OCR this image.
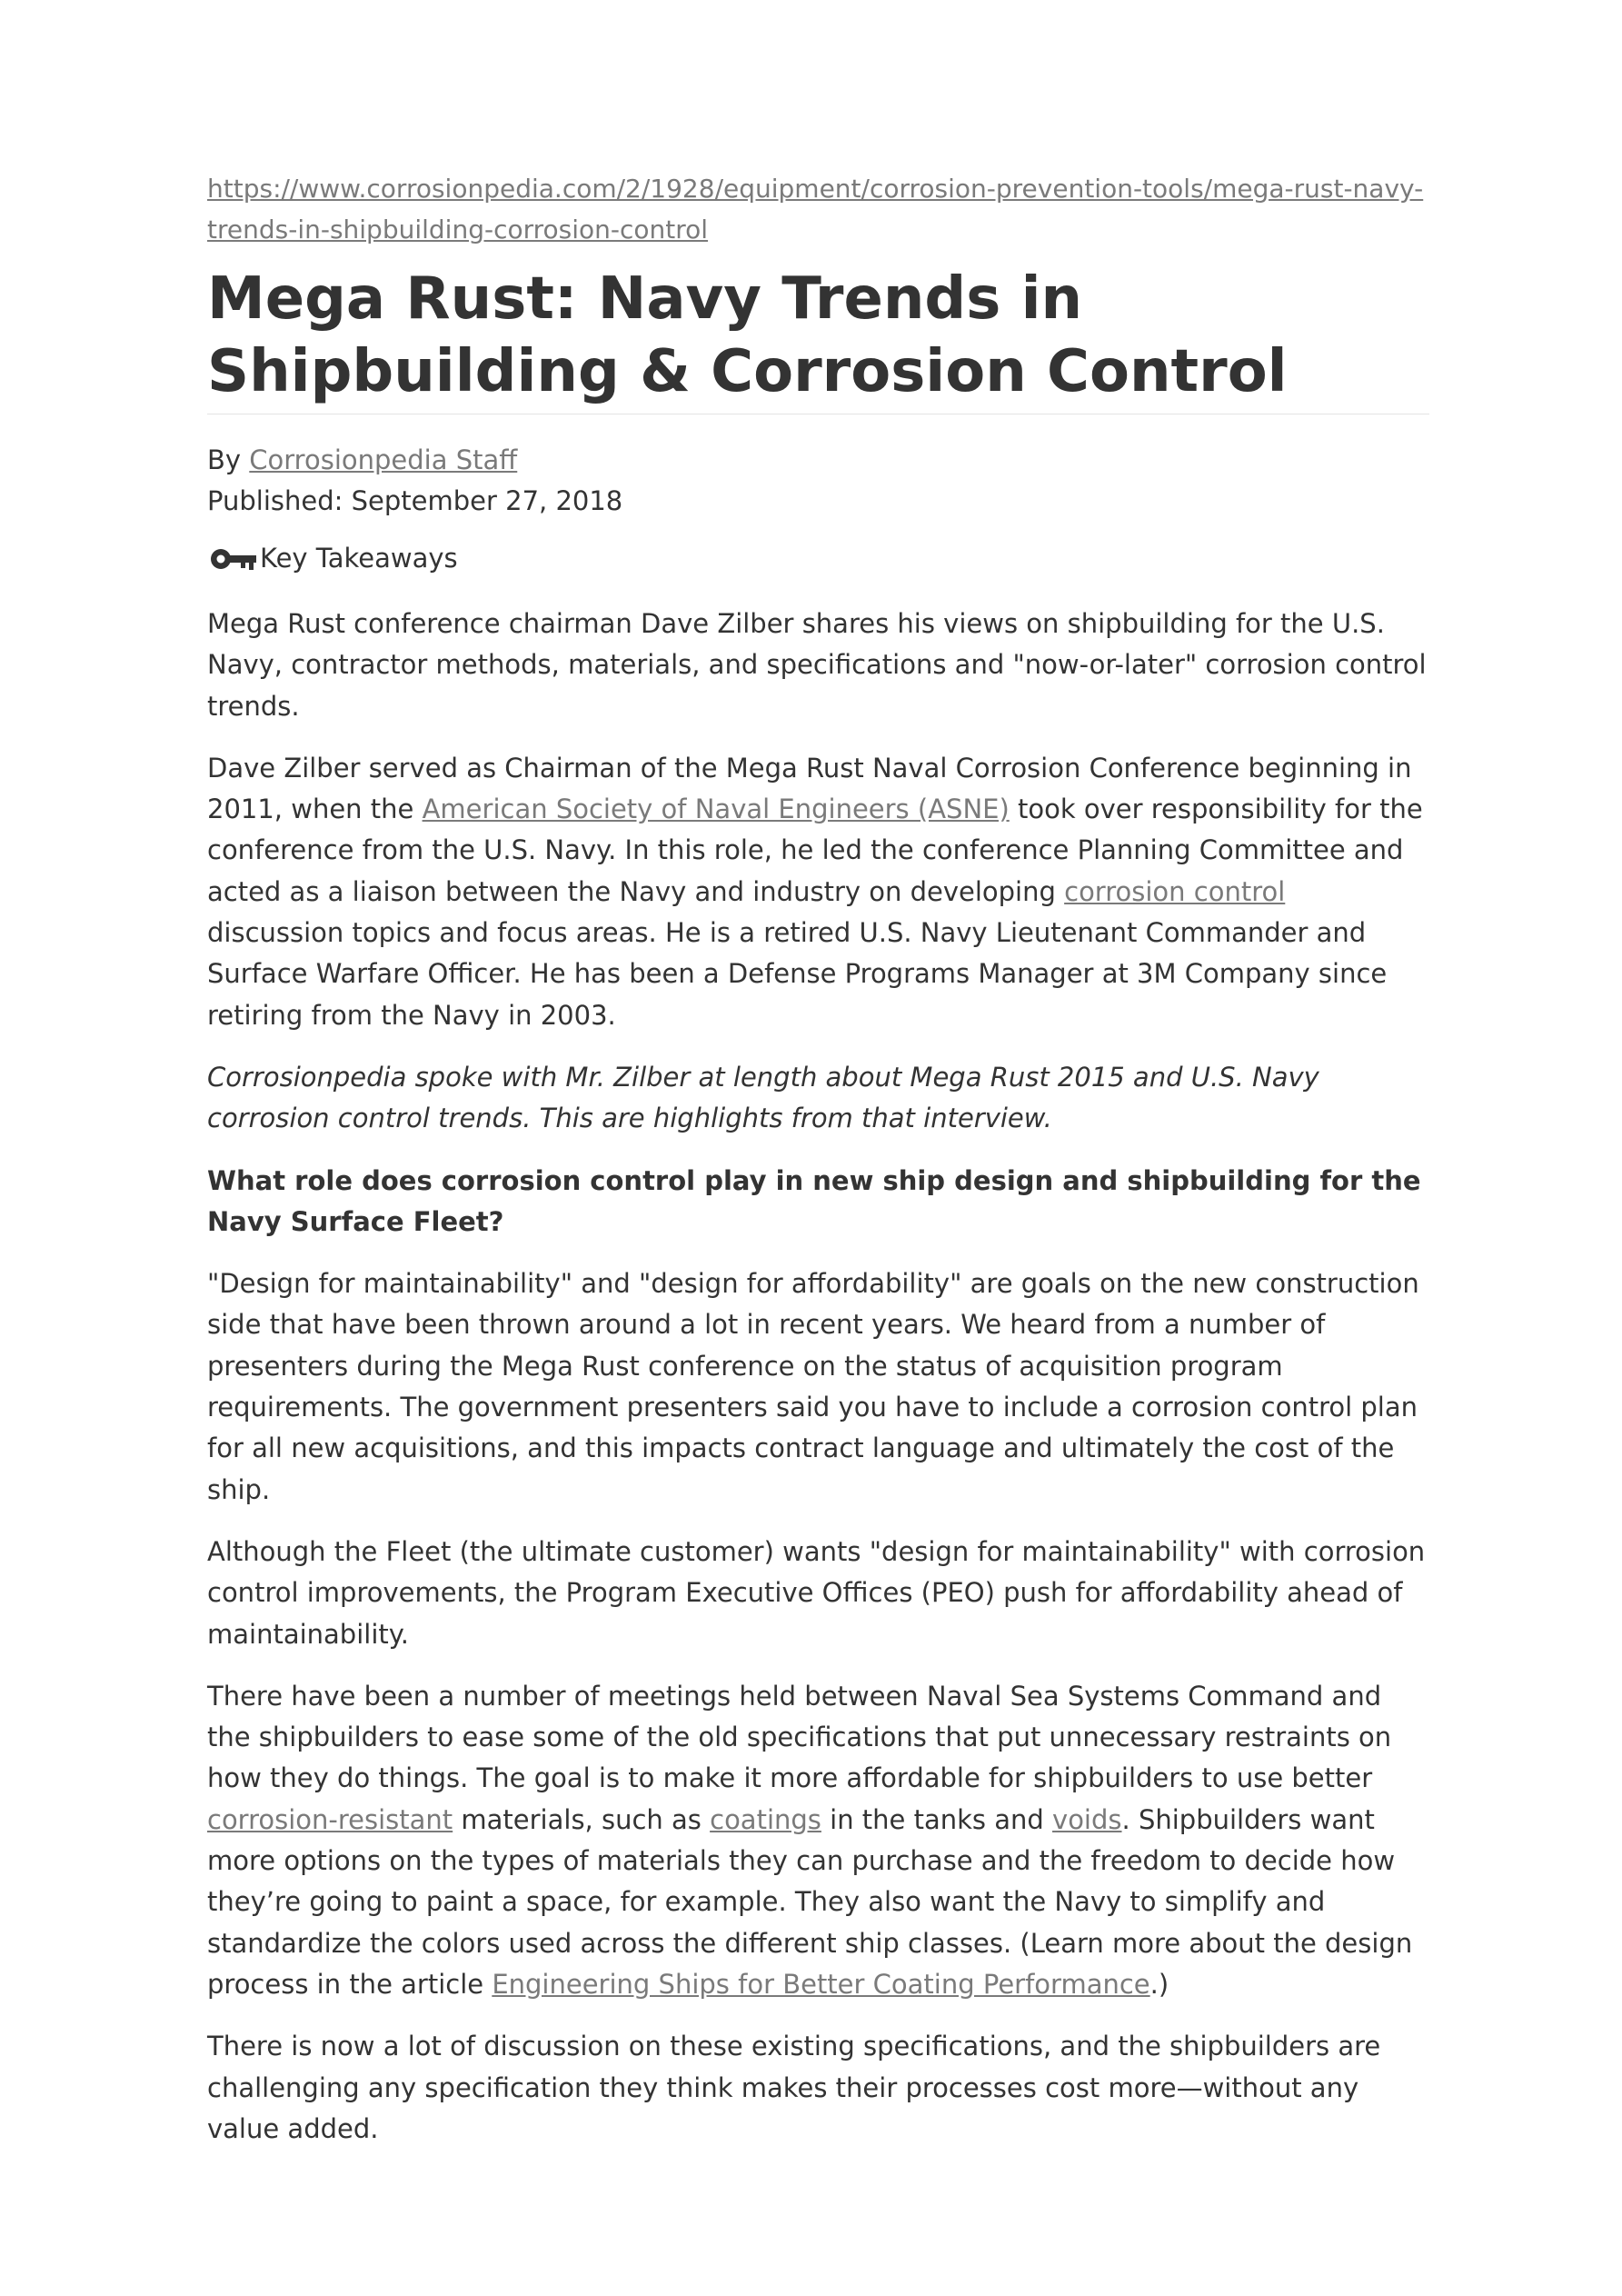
https://www.corrosionpedia.com/2/1928/equipment/corrosion-prevention-tools/mega-rust-navy-trends-in-shipbuilding-corrosion-control

Mega Rust: Navy Trends in Shipbuilding & Corrosion Control
By Corrosionpedia Staff
Published: September 27, 2018
Key Takeaways

Mega Rust conference chairman Dave Zilber shares his views on shipbuilding for the U.S. Navy, contractor methods, materials, and specifications and "now-or-later" corrosion control trends.

Dave Zilber served as Chairman of the Mega Rust Naval Corrosion Conference beginning in 2011, when the American Society of Naval Engineers (ASNE) took over responsibility for the conference from the U.S. Navy. In this role, he led the conference Planning Committee and acted as a liaison between the Navy and industry on developing corrosion control discussion topics and focus areas. He is a retired U.S. Navy Lieutenant Commander and Surface Warfare Officer. He has been a Defense Programs Manager at 3M Company since retiring from the Navy in 2003.

Corrosionpedia spoke with Mr. Zilber at length about Mega Rust 2015 and U.S. Navy corrosion control trends. This are highlights from that interview.

What role does corrosion control play in new ship design and shipbuilding for the Navy Surface Fleet?

"Design for maintainability" and "design for affordability" are goals on the new construction side that have been thrown around a lot in recent years. We heard from a number of presenters during the Mega Rust conference on the status of acquisition program requirements. The government presenters said you have to include a corrosion control plan for all new acquisitions, and this impacts contract language and ultimately the cost of the ship.

Although the Fleet (the ultimate customer) wants "design for maintainability" with corrosion control improvements, the Program Executive Offices (PEO) push for affordability ahead of maintainability.

There have been a number of meetings held between Naval Sea Systems Command and the shipbuilders to ease some of the old specifications that put unnecessary restraints on how they do things. The goal is to make it more affordable for shipbuilders to use better corrosion-resistant materials, such as coatings in the tanks and voids. Shipbuilders want more options on the types of materials they can purchase and the freedom to decide how they’re going to paint a space, for example. They also want the Navy to simplify and standardize the colors used across the different ship classes. (Learn more about the design process in the article Engineering Ships for Better Coating Performance.)

There is now a lot of discussion on these existing specifications, and the shipbuilders are challenging any specification they think makes their processes cost more—without any value added.
